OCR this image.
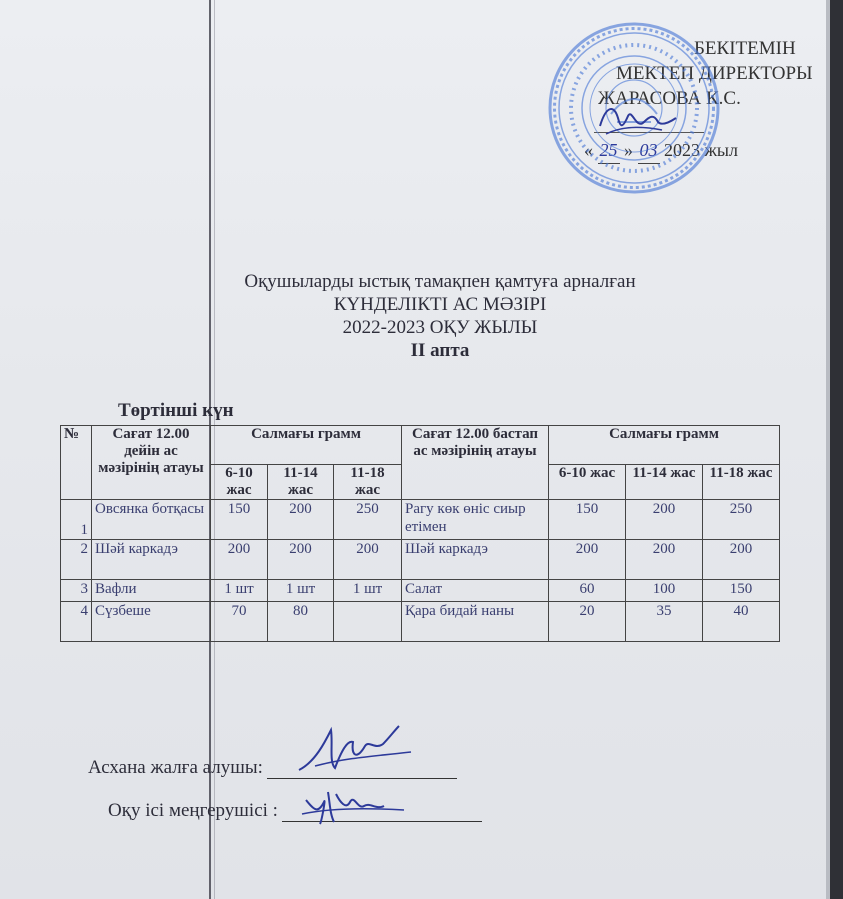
БЕКІТЕМІН
МЕКТЕП ДИРЕКТОРЫ
ЖАРАСОВА К.С.
« 25 » 03 2023 жыл
Оқушыларды ыстық тамақпен қамтуға арналған
КҮНДЕЛІКТІ АС МӘЗІРІ
2022-2023 ОҚУ ЖЫЛЫ
II апта
Төртінші күн
№	Сағат 12.00 дейін ас мәзірінің атауы	Салмағы грамм			Сағат 12.00 бастап ас мәзірінің атауы	Салмағы грамм		
		6-10 жас	11-14 жас	11-18 жас		6-10 жас	11-14 жас	11-18 жас
1	Овсянка ботқасы	150	200	250	Рагу көк өніс сиыр етімен	150	200	250
2	Шәй каркадэ	200	200	200	Шәй каркадэ	200	200	200
3	Вафли	1 шт	1 шт	1 шт	Салат	60	100	150
4	Сүзбеше	70	80		Қара бидай наны	20	35	40
Асхана жалға алушы:
Оқу ісі меңгерушісі :
